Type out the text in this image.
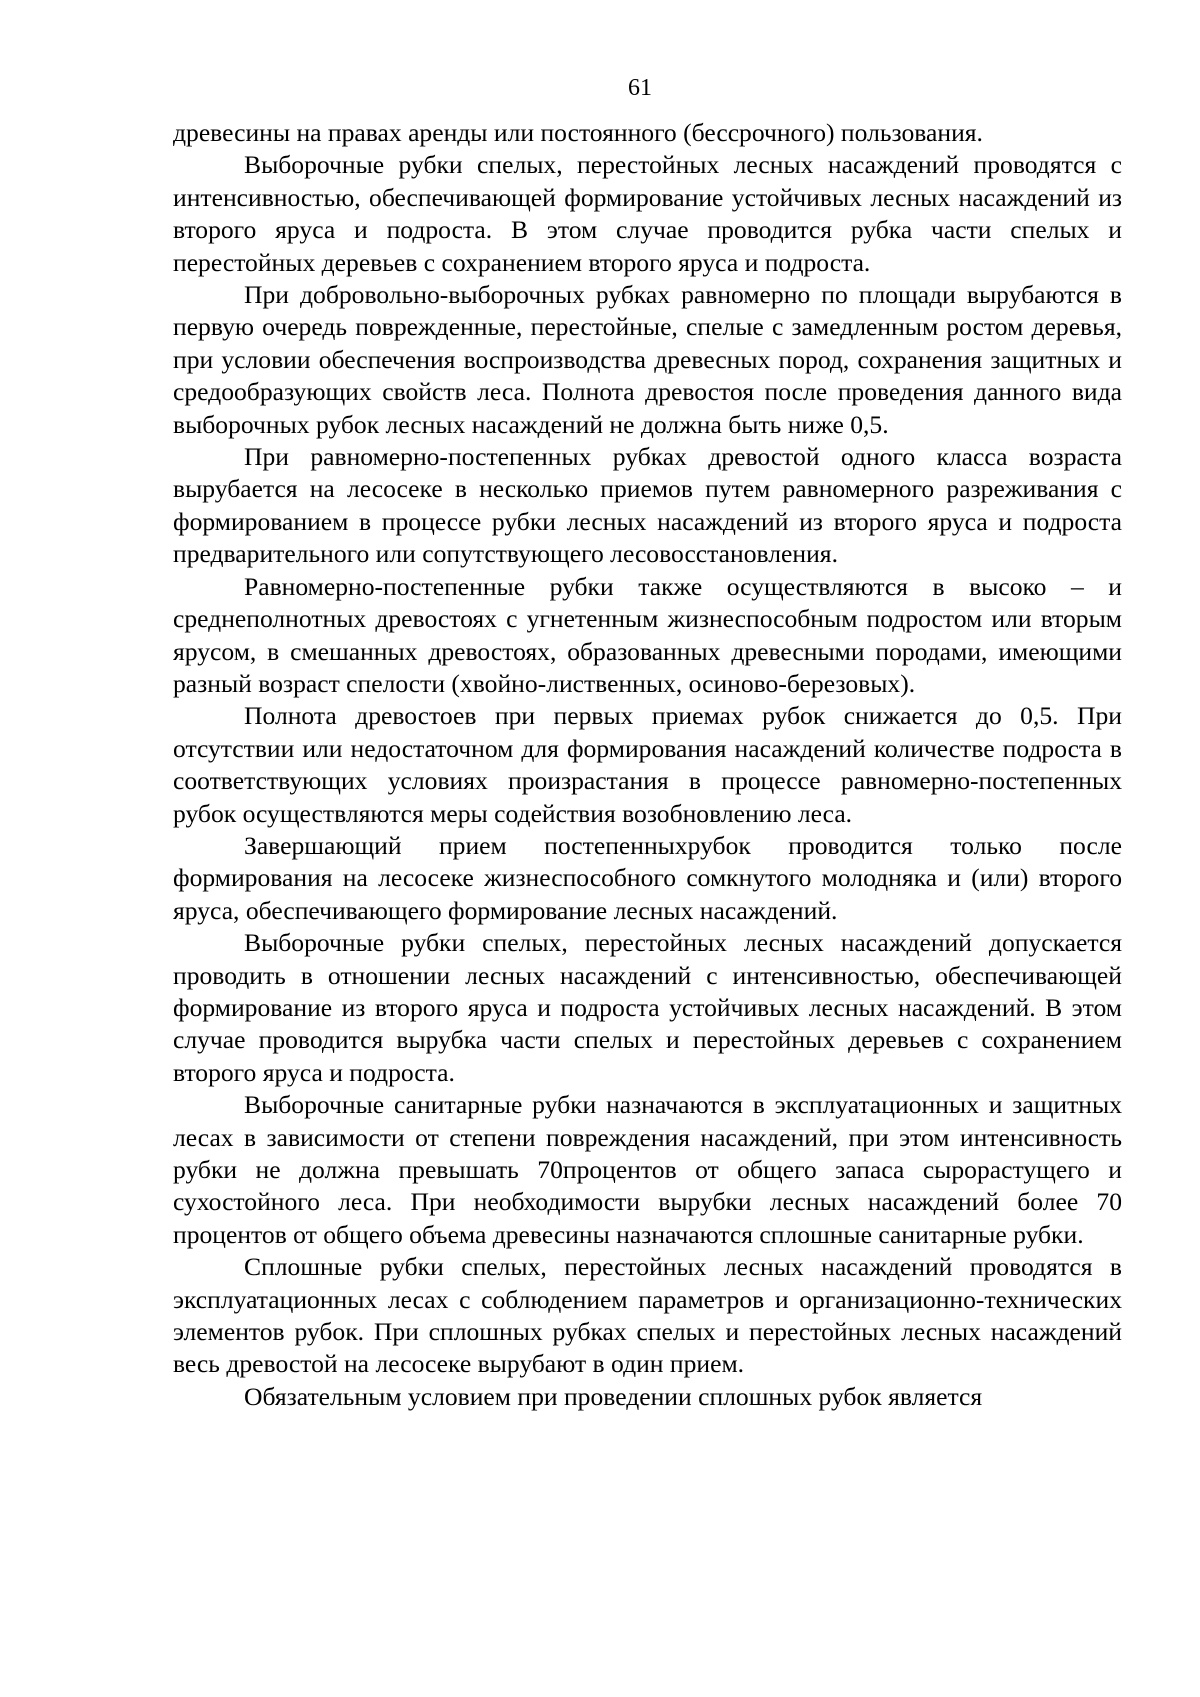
61

древесины на правах аренды или постоянного (бессрочного) пользования.

Выборочные рубки спелых, перестойных лесных насаждений проводятся с интенсивностью, обеспечивающей формирование устойчивых лесных насаждений из второго яруса и подроста. В этом случае проводится рубка части спелых и перестойных деревьев с сохранением второго яруса и подроста.

При добровольно-выборочных рубках равномерно по площади вырубаются в первую очередь поврежденные, перестойные, спелые с замедленным ростом деревья, при условии обеспечения воспроизводства древесных пород, сохранения защитных и средообразующих свойств леса. Полнота древостоя после проведения данного вида выборочных рубок лесных насаждений не должна быть ниже 0,5.

При равномерно-постепенных рубках древостой одного класса возраста вырубается на лесосеке в несколько приемов путем равномерного разреживания с формированием в процессе рубки лесных насаждений из второго яруса и подроста предварительного или сопутствующего лесовосстановления.

Равномерно-постепенные рубки также осуществляются в высоко – и среднеполнотных древостоях с угнетенным жизнеспособным подростом или вторым ярусом, в смешанных древостоях, образованных древесными породами, имеющими разный возраст спелости (хвойно-лиственных, осиново-березовых).

Полнота древостоев при первых приемах рубок снижается до 0,5. При отсутствии или недостаточном для формирования насаждений количестве подроста в соответствующих условиях произрастания в процессе равномерно-постепенных рубок осуществляются меры содействия возобновлению леса.

Завершающий прием постепенныхрубок проводится только после формирования на лесосеке жизнеспособного сомкнутого молодняка и (или) второго яруса, обеспечивающего формирование лесных насаждений.

Выборочные рубки спелых, перестойных лесных насаждений допускается проводить в отношении лесных насаждений с интенсивностью, обеспечивающей формирование из второго яруса и подроста устойчивых лесных насаждений. В этом случае проводится вырубка части спелых и перестойных деревьев с сохранением второго яруса и подроста.

Выборочные санитарные рубки назначаются в эксплуатационных и защитных лесах в зависимости от степени повреждения насаждений, при этом интенсивность рубки не должна превышать 70процентов от общего запаса сырорастущего и сухостойного леса. При необходимости вырубки лесных насаждений более 70 процентов от общего объема древесины назначаются сплошные санитарные рубки.

Сплошные рубки спелых, перестойных лесных насаждений проводятся в эксплуатационных лесах с соблюдением параметров и организационно-технических элементов рубок. При сплошных рубках спелых и перестойных лесных насаждений весь древостой на лесосеке вырубают в один прием.

Обязательным условием при проведении сплошных рубок является
